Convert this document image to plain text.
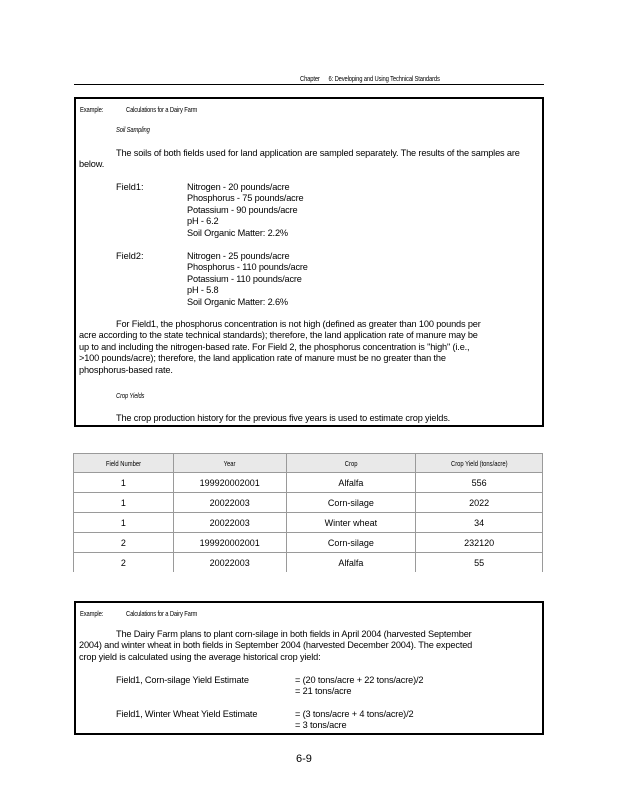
Chapter 6: Developing and Using Technical Standards
Example:	Calculations for a Dairy Farm
Soil Sampling
The soils of both fields used for land application are sampled separately. The results of the samples are below.
Field1:	Nitrogen - 20 pounds/acre
Phosphorus - 75 pounds/acre
Potassium - 90 pounds/acre
pH - 6.2
Soil Organic Matter: 2.2%
Field2:	Nitrogen - 25 pounds/acre
Phosphorus - 110 pounds/acre
Potassium - 110 pounds/acre
pH - 5.8
Soil Organic Matter: 2.6%
For Field1, the phosphorus concentration is not high (defined as greater than 100 pounds per
acre according to the state technical standards); therefore, the land application rate of manure may be
up to and including the nitrogen-based rate. For Field 2, the phosphorus concentration is "high" (i.e.,
>100 pounds/acre); therefore, the land application rate of manure must be no greater than the
phosphorus-based rate.
Crop Yields
The crop production history for the previous five years is used to estimate crop yields.
Field Number	Year	Crop	Crop Yield (tons/acre)
1	199920002001	Alfalfa	556
1	20022003	Corn-silage	2022
1	20022003	Winter wheat	34
2	199920002001	Corn-silage	232120
2	20022003	Alfalfa	55
Example:	Calculations for a Dairy Farm
The Dairy Farm plans to plant corn-silage in both fields in April 2004 (harvested September
2004) and winter wheat in both fields in September 2004 (harvested December 2004). The expected
crop yield is calculated using the average historical crop yield:
Field1, Corn-silage Yield Estimate	= (20 tons/acre + 22 tons/acre)/2
= 21 tons/acre
Field1, Winter Wheat Yield Estimate	= (3 tons/acre + 4 tons/acre)/2
= 3 tons/acre
6-9
